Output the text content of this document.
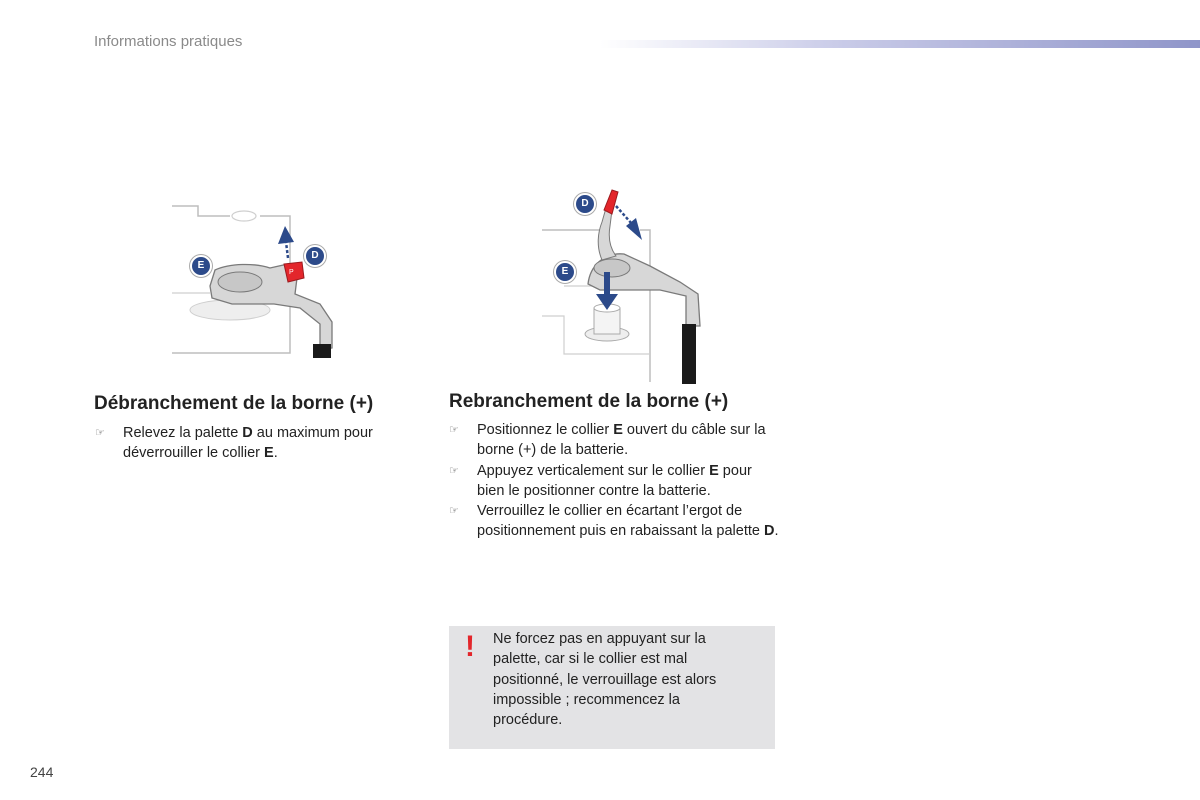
Informations pratiques
P
E
D
D
E
Débranchement de la borne (+)
☞ Relevez la palette D au maximum pour déverrouiller le collier E.
Rebranchement de la borne (+)
☞ Positionnez le collier E ouvert du câble sur la borne (+) de la batterie.
☞ Appuyez verticalement sur le collier E pour bien le positionner contre la batterie.
☞ Verrouillez le collier en écartant l’ergot de positionnement puis en rabaissant la palette D.
! Ne forcez pas en appuyant sur la palette, car si le collier est mal positionné, le verrouillage est alors impossible ; recommencez la procédure.
244
